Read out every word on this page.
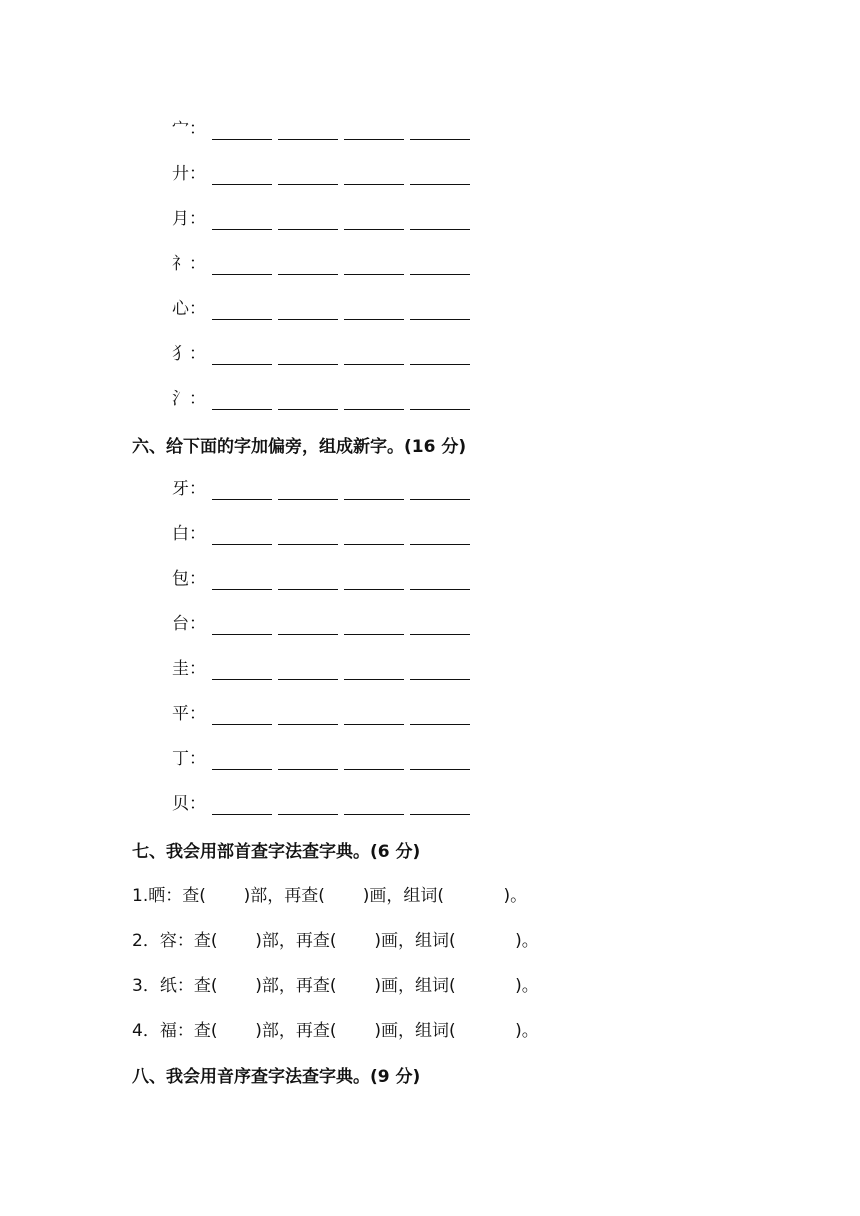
宀：
廾：
月：
礻：
心：
犭：
氵：
六、给下面的字加偏旁，组成新字。(16 分)
牙：
白：
包：
台：
圭：
平：
丁：
贝：
七、我会用部首查字法查字典。(6 分)
1.晒：查(       )部，再查(       )画，组词(           )。
2．容：查(       )部，再查(       )画，组词(           )。
3．纸：查(       )部，再查(       )画，组词(           )。
4．福：查(       )部，再查(       )画，组词(           )。
八、我会用音序查字法查字典。(9 分)
